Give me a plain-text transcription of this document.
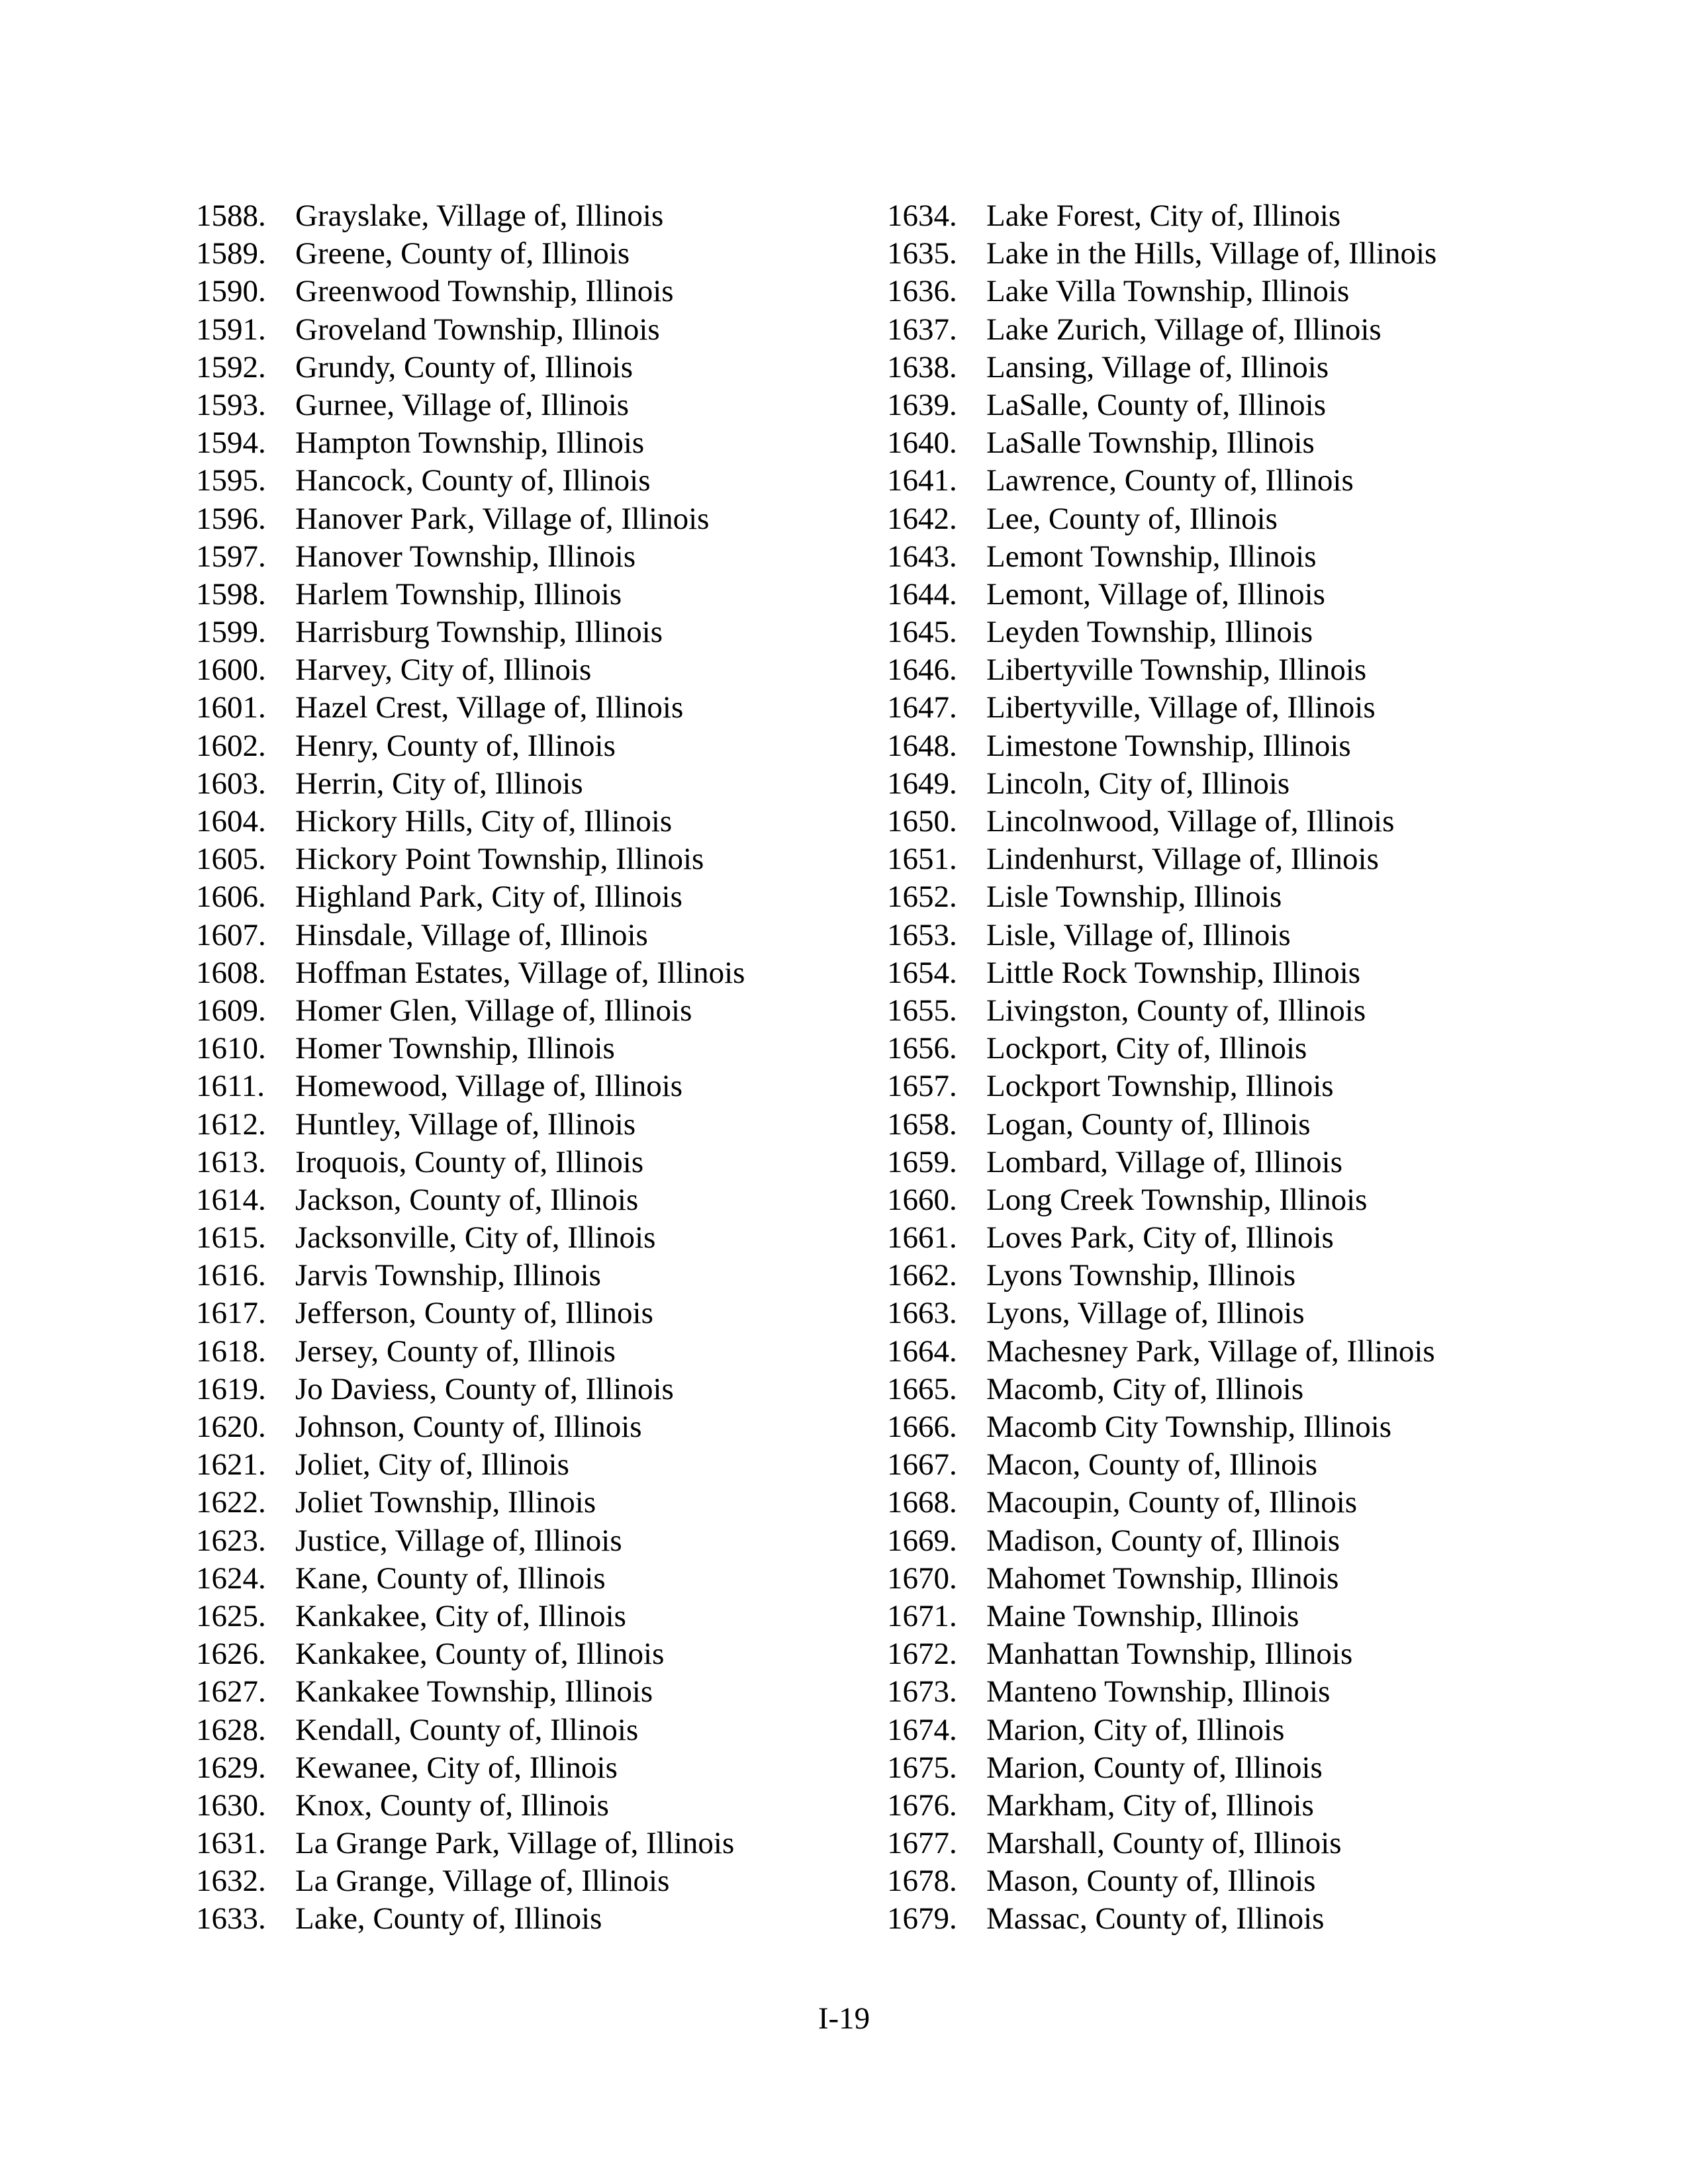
1588. Grayslake, Village of, Illinois
1589. Greene, County of, Illinois
1590. Greenwood Township, Illinois
1591. Groveland Township, Illinois
1592. Grundy, County of, Illinois
1593. Gurnee, Village of, Illinois
1594. Hampton Township, Illinois
1595. Hancock, County of, Illinois
1596. Hanover Park, Village of, Illinois
1597. Hanover Township, Illinois
1598. Harlem Township, Illinois
1599. Harrisburg Township, Illinois
1600. Harvey, City of, Illinois
1601. Hazel Crest, Village of, Illinois
1602. Henry, County of, Illinois
1603. Herrin, City of, Illinois
1604. Hickory Hills, City of, Illinois
1605. Hickory Point Township, Illinois
1606. Highland Park, City of, Illinois
1607. Hinsdale, Village of, Illinois
1608. Hoffman Estates, Village of, Illinois
1609. Homer Glen, Village of, Illinois
1610. Homer Township, Illinois
1611. Homewood, Village of, Illinois
1612. Huntley, Village of, Illinois
1613. Iroquois, County of, Illinois
1614. Jackson, County of, Illinois
1615. Jacksonville, City of, Illinois
1616. Jarvis Township, Illinois
1617. Jefferson, County of, Illinois
1618. Jersey, County of, Illinois
1619. Jo Daviess, County of, Illinois
1620. Johnson, County of, Illinois
1621. Joliet, City of, Illinois
1622. Joliet Township, Illinois
1623. Justice, Village of, Illinois
1624. Kane, County of, Illinois
1625. Kankakee, City of, Illinois
1626. Kankakee, County of, Illinois
1627. Kankakee Township, Illinois
1628. Kendall, County of, Illinois
1629. Kewanee, City of, Illinois
1630. Knox, County of, Illinois
1631. La Grange Park, Village of, Illinois
1632. La Grange, Village of, Illinois
1633. Lake, County of, Illinois
1634. Lake Forest, City of, Illinois
1635. Lake in the Hills, Village of, Illinois
1636. Lake Villa Township, Illinois
1637. Lake Zurich, Village of, Illinois
1638. Lansing, Village of, Illinois
1639. LaSalle, County of, Illinois
1640. LaSalle Township, Illinois
1641. Lawrence, County of, Illinois
1642. Lee, County of, Illinois
1643. Lemont Township, Illinois
1644. Lemont, Village of, Illinois
1645. Leyden Township, Illinois
1646. Libertyville Township, Illinois
1647. Libertyville, Village of, Illinois
1648. Limestone Township, Illinois
1649. Lincoln, City of, Illinois
1650. Lincolnwood, Village of, Illinois
1651. Lindenhurst, Village of, Illinois
1652. Lisle Township, Illinois
1653. Lisle, Village of, Illinois
1654. Little Rock Township, Illinois
1655. Livingston, County of, Illinois
1656. Lockport, City of, Illinois
1657. Lockport Township, Illinois
1658. Logan, County of, Illinois
1659. Lombard, Village of, Illinois
1660. Long Creek Township, Illinois
1661. Loves Park, City of, Illinois
1662. Lyons Township, Illinois
1663. Lyons, Village of, Illinois
1664. Machesney Park, Village of, Illinois
1665. Macomb, City of, Illinois
1666. Macomb City Township, Illinois
1667. Macon, County of, Illinois
1668. Macoupin, County of, Illinois
1669. Madison, County of, Illinois
1670. Mahomet Township, Illinois
1671. Maine Township, Illinois
1672. Manhattan Township, Illinois
1673. Manteno Township, Illinois
1674. Marion, City of, Illinois
1675. Marion, County of, Illinois
1676. Markham, City of, Illinois
1677. Marshall, County of, Illinois
1678. Mason, County of, Illinois
1679. Massac, County of, Illinois
I-19
